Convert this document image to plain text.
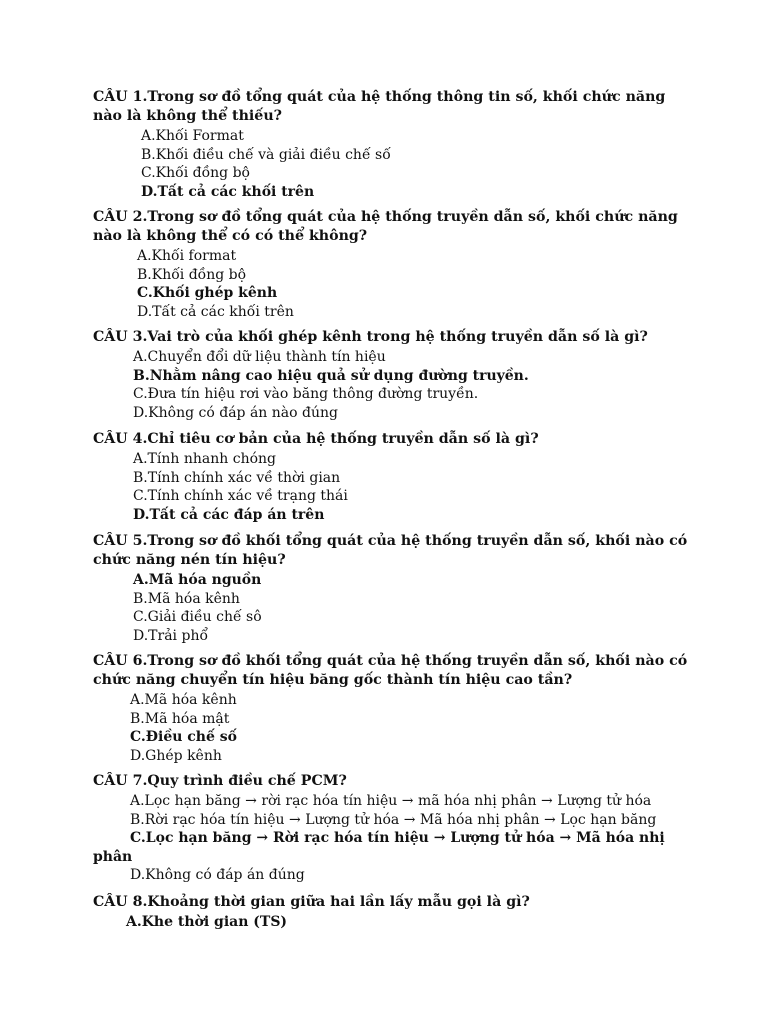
CÂU 1.Trong sơ đồ tổng quát của hệ thống thông tin số, khối chức năng nào là không thể thiếu?
A.Khối Format
B.Khối điều chế và giải điều chế số
C.Khối đồng bộ
D.Tất cả các khối trên
CÂU 2.Trong sơ đồ tổng quát của hệ thống truyền dẫn số, khối chức năng nào là không thể có có thể không?
A.Khối format
B.Khối đồng bộ
C.Khối ghép kênh
D.Tất cả các khối trên
CÂU 3.Vai trò của khối ghép kênh trong hệ thống truyền dẫn số là gì?
A.Chuyển đổi dữ liệu thành tín hiệu
B.Nhằm nâng cao hiệu quả sử dụng đường truyền.
C.Đưa tín hiệu rơi vào băng thông đường truyền.
D.Không có đáp án nào đúng
CÂU 4.Chỉ tiêu cơ bản của hệ thống truyền dẫn số là gì?
A.Tính nhanh chóng
B.Tính chính xác về thời gian
C.Tính chính xác về trạng thái
D.Tất cả các đáp án trên
CÂU 5.Trong sơ đồ khối tổng quát của hệ thống truyền dẫn số, khối nào có chức năng nén tín hiệu?
A.Mã hóa nguồn
B.Mã hóa kênh
C.Giải điều chế sô
D.Trải phổ
CÂU 6.Trong sơ đồ khối tổng quát của hệ thống truyền dẫn số, khối nào có chức năng chuyển tín hiệu băng gốc thành tín hiệu cao tần?
A.Mã hóa kênh
B.Mã hóa mật
C.Điều chế số
D.Ghép kênh
CÂU 7.Quy trình điều chế PCM?
A.Lọc hạn băng → rời rạc hóa tín hiệu → mã hóa nhị phân → Lượng tử hóa
B.Rời rạc hóa tín hiệu → Lượng tử hóa → Mã hóa nhị phân → Lọc hạn băng
C.Lọc hạn băng → Rời rạc hóa tín hiệu → Lượng tử hóa → Mã hóa nhị phân
D.Không có đáp án đúng
CÂU 8.Khoảng thời gian giữa hai lần lấy mẫu gọi là gì?
A.Khe thời gian (TS)
